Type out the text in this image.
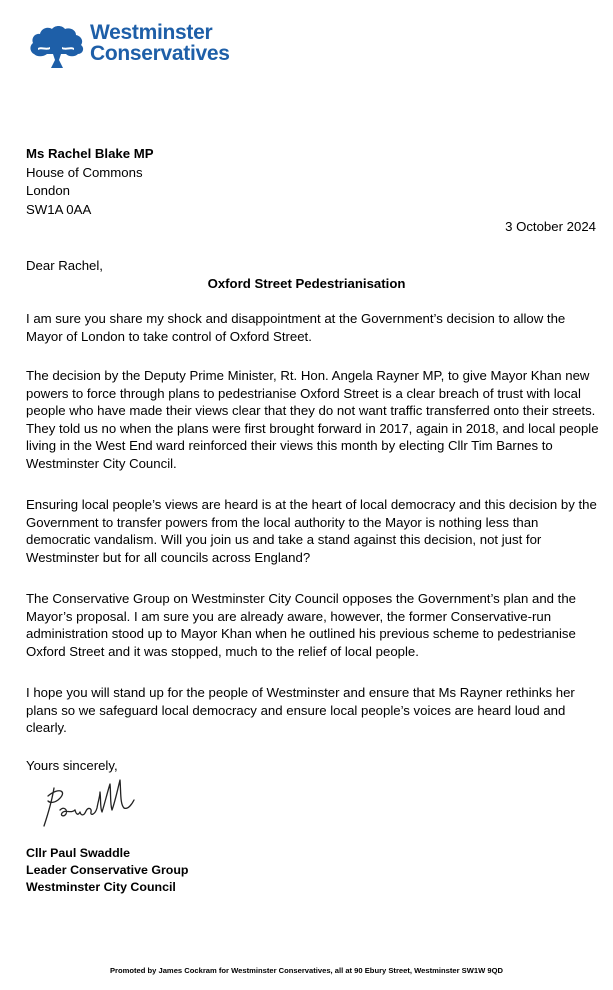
Westminster
Conservatives
Ms Rachel Blake MP
House of Commons
London
SW1A 0AA
3 October 2024
Dear Rachel,
Oxford Street Pedestrianisation

I am sure you share my shock and disappointment at the Government’s decision to allow the Mayor of London to take control of Oxford Street.

The decision by the Deputy Prime Minister, Rt. Hon. Angela Rayner MP, to give Mayor Khan new powers to force through plans to pedestrianise Oxford Street is a clear breach of trust with local people who have made their views clear that they do not want traffic transferred onto their streets. They told us no when the plans were first brought forward in 2017, again in 2018, and local people living in the West End ward reinforced their views this month by electing Cllr Tim Barnes to Westminster City Council.

Ensuring local people’s views are heard is at the heart of local democracy and this decision by the Government to transfer powers from the local authority to the Mayor is nothing less than democratic vandalism. Will you join us and take a stand against this decision, not just for Westminster but for all councils across England?

The Conservative Group on Westminster City Council opposes the Government’s plan and the Mayor’s proposal. I am sure you are already aware, however, the former Conservative-run administration stood up to Mayor Khan when he outlined his previous scheme to pedestrianise Oxford Street and it was stopped, much to the relief of local people.

I hope you will stand up for the people of Westminster and ensure that Ms Rayner rethinks her plans so we safeguard local democracy and ensure local people’s voices are heard loud and clearly.

Yours sincerely,
Cllr Paul Swaddle
Leader Conservative Group
Westminster City Council
Promoted by James Cockram for Westminster Conservatives, all at 90 Ebury Street, Westminster SW1W 9QD
